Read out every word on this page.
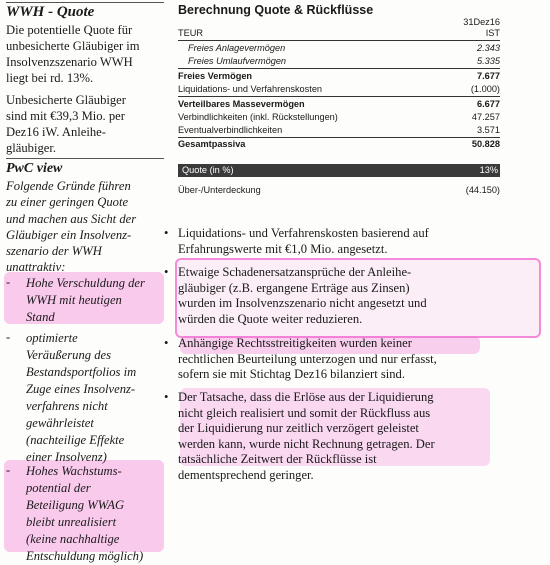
WWH - Quote
Die potentielle Quote für
unbesicherte Gläubiger im
Insolvenzszenario WWH
liegt bei rd. 13%.
Unbesicherte Gläubiger
sind mit €39,3 Mio. per
Dez16 iW. Anleihe-
gläubiger.
PwC view
Folgende Gründe führen
zu einer geringen Quote
und machen aus Sicht der
Gläubiger ein Insolvenz-
szenario der WWH
unattraktiv:
- Hohe Verschuldung der
WWH mit heutigen
Stand
- optimierte
Veräußerung des
Bestandsportfolios im
Zuge eines Insolvenz-
verfahrens nicht
gewährleistet
(nachteilige Effekte
einer Insolvenz)
- Hohes Wachstums-
potential der
Beteiligung WWAG
bleibt unrealisiert
(keine nachhaltige
Entschuldung möglich)
Berechnung Quote & Rückflüsse
31Dez16
TEUR	IST
Freies Anlagevermögen	2.343
Freies Umlaufvermögen	5.335
Freies Vermögen	7.677
Liquidations- und Verfahrenskosten	(1.000)
Verteilbares Massevermögen	6.677
Verbindlichkeiten (inkl. Rückstellungen)	47.257
Eventualverbindlichkeiten	3.571
Gesamtpassiva	50.828
Quote (in %)	13%
Über-/Unterdeckung	(44.150)
• Liquidations- und Verfahrenskosten basierend auf
Erfahrungswerte mit €1,0 Mio. angesetzt.
• Etwaige Schadenersatzansprüche der Anleihe-
gläubiger (z.B. ergangene Erträge aus Zinsen)
wurden im Insolvenzszenario nicht angesetzt und
würden die Quote weiter reduzieren.
• Anhängige Rechtsstreitigkeiten wurden keiner
rechtlichen Beurteilung unterzogen und nur erfasst,
sofern sie mit Stichtag Dez16 bilanziert sind.
• Der Tatsache, dass die Erlöse aus der Liquidierung
nicht gleich realisiert und somit der Rückfluss aus
der Liquidierung nur zeitlich verzögert geleistet
werden kann, wurde nicht Rechnung getragen. Der
tatsächliche Zeitwert der Rückflüsse ist
dementsprechend geringer.
